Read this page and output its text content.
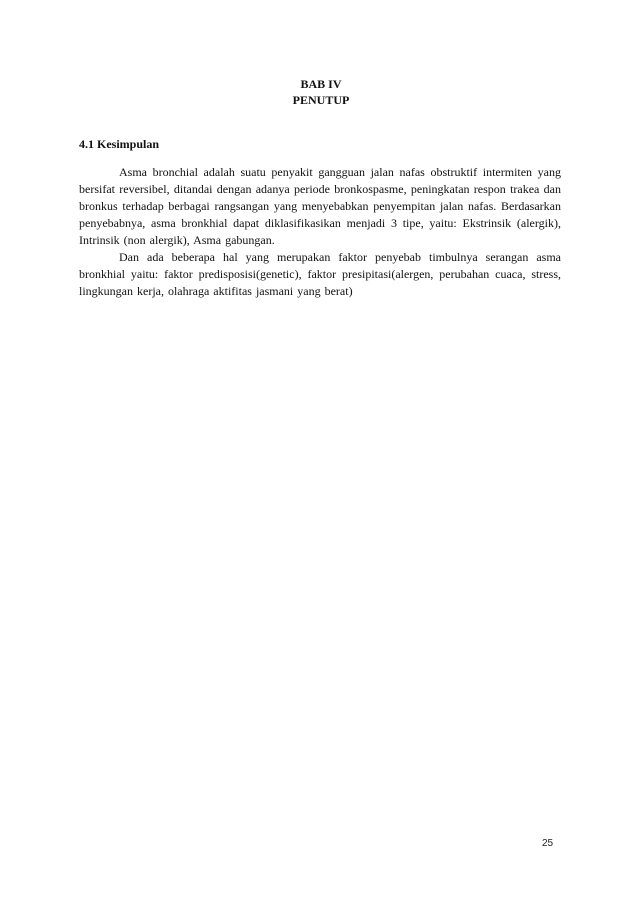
BAB IV
PENUTUP
4.1 Kesimpulan

Asma bronchial adalah suatu penyakit gangguan jalan nafas obstruktif intermiten yang bersifat reversibel, ditandai dengan adanya periode bronkospasme, peningkatan respon trakea dan bronkus terhadap berbagai rangsangan yang menyebabkan penyempitan jalan nafas. Berdasarkan penyebabnya, asma bronkhial dapat diklasifikasikan menjadi 3 tipe, yaitu: Ekstrinsik (alergik), Intrinsik (non alergik), Asma gabungan.

Dan ada beberapa hal yang merupakan faktor penyebab timbulnya serangan asma bronkhial yaitu: faktor predisposisi(genetic), faktor presipitasi(alergen, perubahan cuaca, stress, lingkungan kerja, olahraga aktifitas jasmani yang berat)

25
